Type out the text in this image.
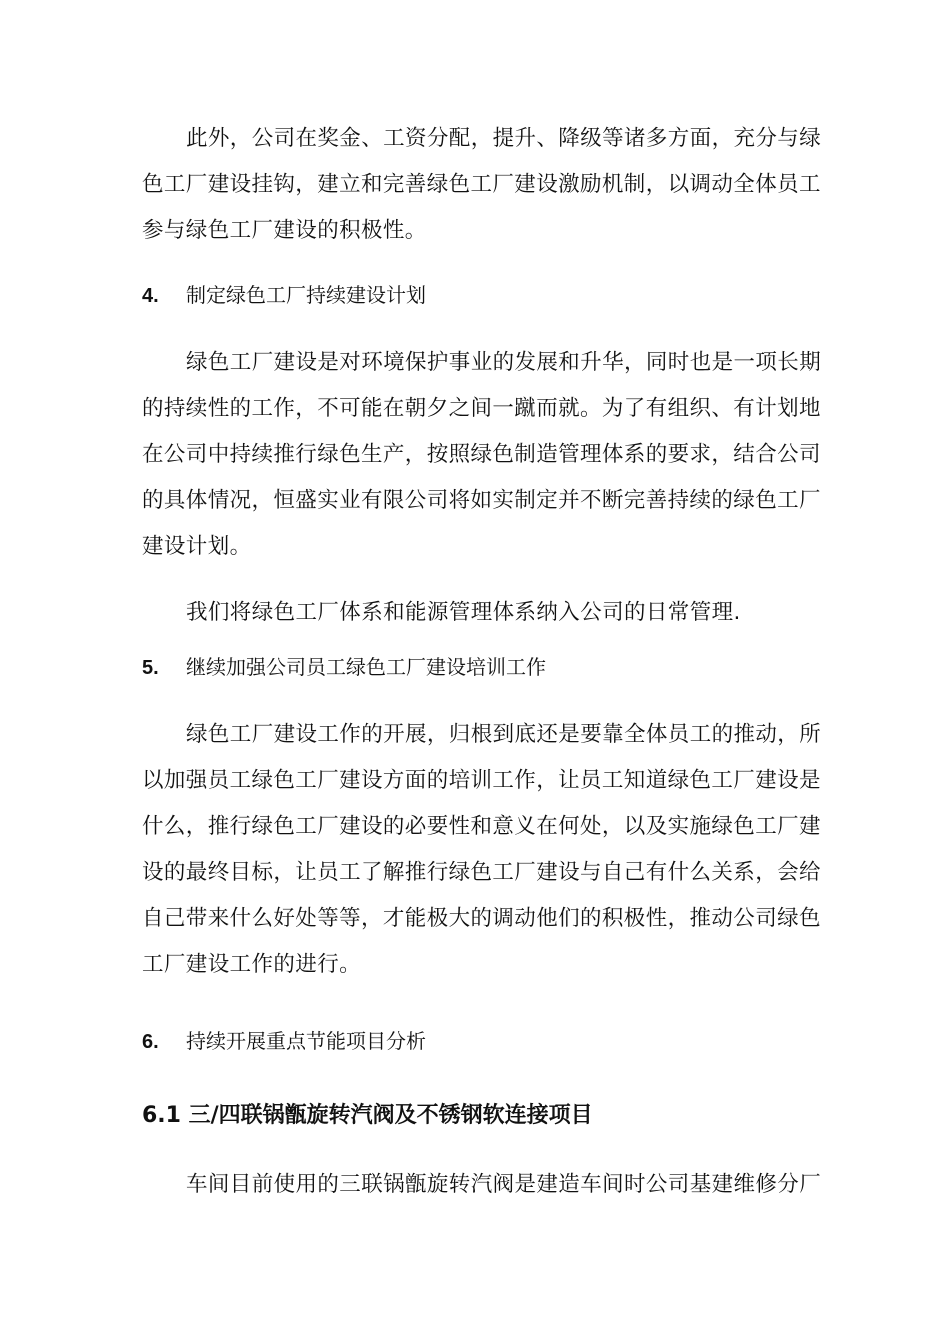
此外，公司在奖金、工资分配，提升、降级等诸多方面，充分与绿
色工厂建设挂钩，建立和完善绿色工厂建设激励机制，以调动全体员工
参与绿色工厂建设的积极性。
4. 制定绿色工厂持续建设计划
绿色工厂建设是对环境保护事业的发展和升华，同时也是一项长期
的持续性的工作，不可能在朝夕之间一蹴而就。为了有组织、有计划地
在公司中持续推行绿色生产，按照绿色制造管理体系的要求，结合公司
的具体情况，恒盛实业有限公司将如实制定并不断完善持续的绿色工厂
建设计划。
我们将绿色工厂体系和能源管理体系纳入公司的日常管理.
5. 继续加强公司员工绿色工厂建设培训工作
绿色工厂建设工作的开展，归根到底还是要靠全体员工的推动，所
以加强员工绿色工厂建设方面的培训工作，让员工知道绿色工厂建设是
什么，推行绿色工厂建设的必要性和意义在何处，以及实施绿色工厂建
设的最终目标，让员工了解推行绿色工厂建设与自己有什么关系，会给
自己带来什么好处等等，才能极大的调动他们的积极性，推动公司绿色
工厂建设工作的进行。
6. 持续开展重点节能项目分析
6.1 三/四联锅甑旋转汽阀及不锈钢软连接项目
车间目前使用的三联锅甑旋转汽阀是建造车间时公司基建维修分厂
